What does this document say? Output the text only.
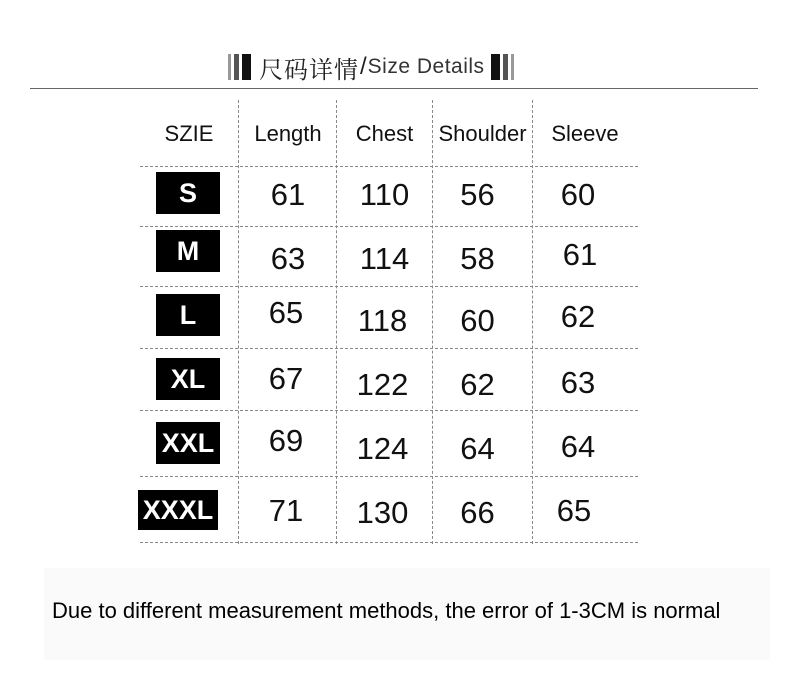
尺码详情 / Size Details
SZIE	Length	Chest	Shoulder	Sleeve
S	61	110	56	60
M	63	114	58	61
L	65	118	60	62
XL	67	122	62	63
XXL	69	124	64	64
XXXL	71	130	66	65
Due to different measurement methods, the error of 1-3CM is normal
